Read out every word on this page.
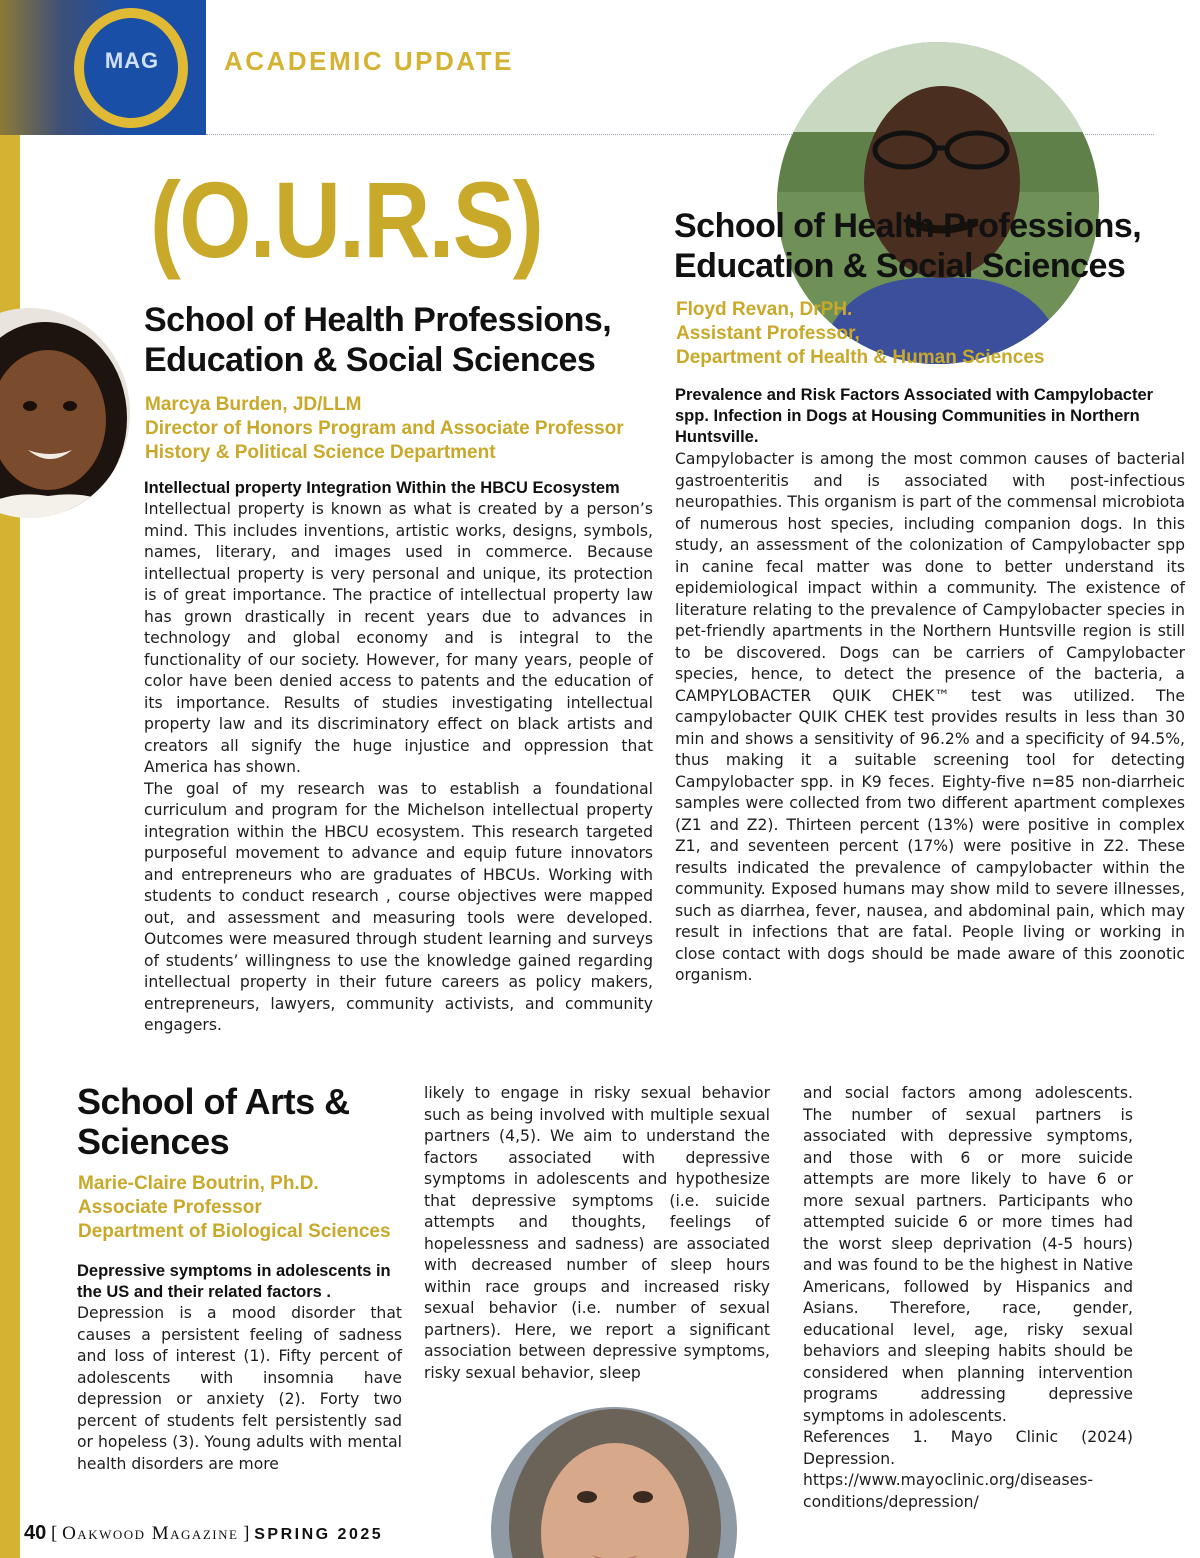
MAG	ACADEMIC UPDATE
(O.U.R.S)
School of Health Professions,
Education & Social Sciences
Marcya Burden, JD/LLM
Director of Honors Program and Associate Professor
History & Political Science Department
Intellectual property Integration Within the HBCU Ecosystem

Intellectual property is known as what is created by a person’s mind. This includes inventions, artistic works, designs, symbols, names, literary, and images used in commerce. Because intellectual property is very personal and unique, its protection is of great importance. The practice of intellectual property law has grown drastically in recent years due to advances in technology and global economy and is integral to the functionality of our society. However, for many years, people of color have been denied access to patents and the education of its importance. Results of studies investigating intellectual property law and its discriminatory effect on black artists and creators all signify the huge injustice and oppression that America has shown.

The goal of my research was to establish a foundational curriculum and program for the Michelson intellectual property integration within the HBCU ecosystem. This research targeted purposeful movement to advance and equip future innovators and entrepreneurs who are graduates of HBCUs. Working with students to conduct research , course objectives were mapped out, and assessment and measuring tools were developed. Outcomes were measured through student learning and surveys of students’ willingness to use the knowledge gained regarding intellectual property in their future careers as policy makers, entrepreneurs, lawyers, community activists, and community engagers.

School of Health Professions,
Education & Social Sciences
Floyd Revan, DrPH.
Assistant Professor,
Department of Health & Human Sciences
Prevalence and Risk Factors Associated with Campylobacter spp. Infection in Dogs at Housing Communities in Northern Huntsville.

Campylobacter is among the most common causes of bacterial gastroenteritis and is associated with post-infectious neuropathies. This organism is part of the commensal microbiota of numerous host species, including companion dogs. In this study, an assessment of the colonization of Campylobacter spp in canine fecal matter was done to better understand its epidemiological impact within a community. The existence of literature relating to the prevalence of Campylobacter species in pet-friendly apartments in the Northern Huntsville region is still to be discovered. Dogs can be carriers of Campylobacter species, hence, to detect the presence of the bacteria, a CAMPYLOBACTER QUIK CHEK™ test was utilized. The campylobacter QUIK CHEK test provides results in less than 30 min and shows a sensitivity of 96.2% and a specificity of 94.5%, thus making it a suitable screening tool for detecting Campylobacter spp. in K9 feces. Eighty-five n=85 non-diarrheic samples were collected from two different apartment complexes (Z1 and Z2). Thirteen percent (13%) were positive in complex Z1, and seventeen percent (17%) were positive in Z2. These results indicated the prevalence of campylobacter within the community. Exposed humans may show mild to severe illnesses, such as diarrhea, fever, nausea, and abdominal pain, which may result in infections that are fatal. People living or working in close contact with dogs should be made aware of this zoonotic organism.

School of Arts &
Sciences
Marie-Claire Boutrin, Ph.D.
Associate Professor
Department of Biological Sciences
Depressive symptoms in adolescents in the US and their related factors .
Depression is a mood disorder that causes a persistent feeling of sadness and loss of interest (1). Fifty percent of adolescents with insomnia have depression or anxiety (2). Forty two percent of students felt persistently sad or hopeless (3). Young adults with mental health disorders are more
likely to engage in risky sexual behavior such as being involved with multiple sexual partners (4,5). We aim to understand the factors associated with depressive symptoms in adolescents and hypothesize that depressive symptoms (i.e. suicide attempts and thoughts, feelings of hopelessness and sadness) are associated with decreased number of sleep hours within race groups and increased risky sexual behavior (i.e. number of sexual partners). Here, we report a significant association between depressive symptoms, risky sexual behavior, sleep

and social factors among adolescents. The number of sexual partners is associated with depressive symptoms, and those with 6 or more suicide attempts are more likely to have 6 or more sexual partners. Participants who attempted suicide 6 or more times had the worst sleep deprivation (4-5 hours) and was found to be the highest in Native Americans, followed by Hispanics and Asians. Therefore, race, gender, educational level, age, risky sexual behaviors and sleeping habits should be considered when planning intervention programs addressing depressive symptoms in adolescents.

References 1. Mayo Clinic (2024) Depression. https://www.mayoclinic.org/diseases-conditions/depression/

40 [ Oakwood Magazine ] SPRING 2025
